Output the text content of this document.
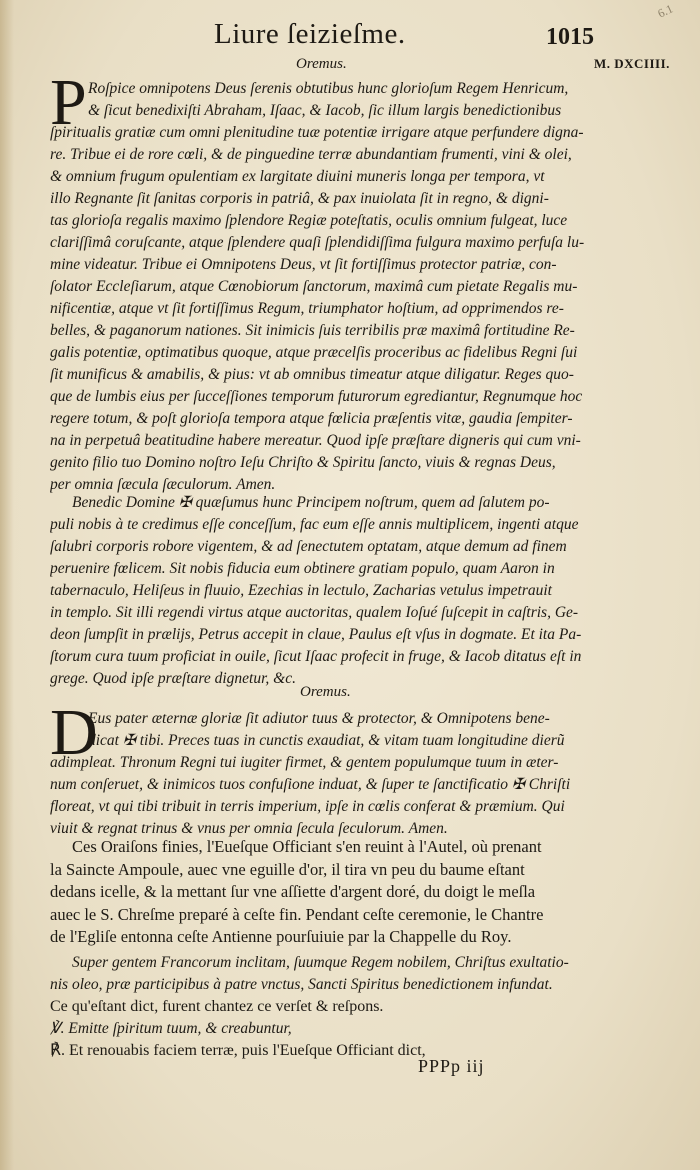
Liure ſeizieſme.	1015
M. DXCIIII.
6.1
Oremus.
P Roſpice omnipotens Deus ſerenis obtutibus hunc glorioſum Regem Henricum,
& ſicut benedixiſti Abraham, Iſaac, & Iacob, ſic illum largis benedictionibus
ſpiritualis gratiæ cum omni plenitudine tuæ potentiæ irrigare atque perfundere digna-
re. Tribue ei de rore cœli, & de pinguedine terræ abundantiam frumenti, vini & olei,
& omnium frugum opulentiam ex largitate diuini muneris longa per tempora, vt
illo Regnante ſit ſanitas corporis in patriâ, & pax inuiolata ſit in regno, & digni-
tas glorioſa regalis maximo ſplendore Regiæ poteſtatis, oculis omnium fulgeat, luce
clariſſimâ coruſcante, atque ſplendere quaſi ſplendidiſſima fulgura maximo perfuſa lu-
mine videatur. Tribue ei Omnipotens Deus, vt ſit fortiſſimus protector patriæ, con-
ſolator Eccleſiarum, atque Cœnobiorum ſanctorum, maximâ cum pietate Regalis mu-
nificentiæ, atque vt ſit fortiſſimus Regum, triumphator hoſtium, ad opprimendos re-
belles, & paganorum nationes. Sit inimicis ſuis terribilis præ maximâ fortitudine Re-
galis potentiæ, optimatibus quoque, atque præcelſis proceribus ac fidelibus Regni ſui
ſit munificus & amabilis, & pius: vt ab omnibus timeatur atque diligatur. Reges quo-
que de lumbis eius per ſucceſſiones temporum futurorum egrediantur, Regnumque hoc
regere totum, & poſt glorioſa tempora atque fœlicia præſentis vitæ, gaudia ſempiter-
na in perpetuâ beatitudine habere mereatur. Quod ipſe præſtare digneris qui cum vni-
genito filio tuo Domino noſtro Ieſu Chriſto & Spiritu ſancto, viuis & regnas Deus,
per omnia ſæcula ſæculorum. Amen.
Benedic Domine ✠ quæſumus hunc Principem noſtrum, quem ad ſalutem po-
puli nobis à te credimus eſſe conceſſum, fac eum eſſe annis multiplicem, ingenti atque
ſalubri corporis robore vigentem, & ad ſenectutem optatam, atque demum ad finem
peruenire fœlicem. Sit nobis fiducia eum obtinere gratiam populo, quam Aaron in
tabernaculo, Heliſeus in fluuio, Ezechias in lectulo, Zacharias vetulus impetrauit
in templo. Sit illi regendi virtus atque auctoritas, qualem Ioſué ſuſcepit in caſtris, Ge-
deon ſumpſit in prælijs, Petrus accepit in claue, Paulus eſt vſus in dogmate. Et ita Pa-
ſtorum cura tuum proficiat in ouile, ſicut Iſaac profecit in fruge, & Iacob ditatus eſt in
grege. Quod ipſe præſtare dignetur, &c.
Oremus.
D
Eus pater æternæ gloriæ ſit adiutor tuus & protector, & Omnipotens bene-
dicat ✠ tibi. Preces tuas in cunctis exaudiat, & vitam tuam longitudine dierũ
adimpleat. Thronum Regni tui iugiter firmet, & gentem populumque tuum in æter-
num conſeruet, & inimicos tuos confuſione induat, & ſuper te ſanctificatio ✠ Chriſti
floreat, vt qui tibi tribuit in terris imperium, ipſe in cœlis conferat & præmium. Qui
viuit & regnat trinus & vnus per omnia ſecula ſeculorum. Amen.
Ces Oraiſons finies, l'Eueſque Officiant s'en reuint à l'Autel, où prenant
la Saincte Ampoule, auec vne eguille d'or, il tira vn peu du baume eſtant
dedans icelle, & la mettant ſur vne aſſiette d'argent doré, du doigt le meſla
auec le S. Chreſme preparé à ceſte fin. Pendant ceſte ceremonie, le Chantre
de l'Egliſe entonna ceſte Antienne pourſuiuie par la Chappelle du Roy.
Super gentem Francorum inclitam, ſuumque Regem nobilem, Chriſtus exultatio-
nis oleo, præ participibus à patre vnctus, Sancti Spiritus benedictionem infundat.
Ce qu'eſtant dict, furent chantez ce verſet & reſpons.
℣. Emitte ſpiritum tuum, & creabuntur,
℟. Et renouabis faciem terræ, puis l'Eueſque Officiant dict,
PPPp iij
